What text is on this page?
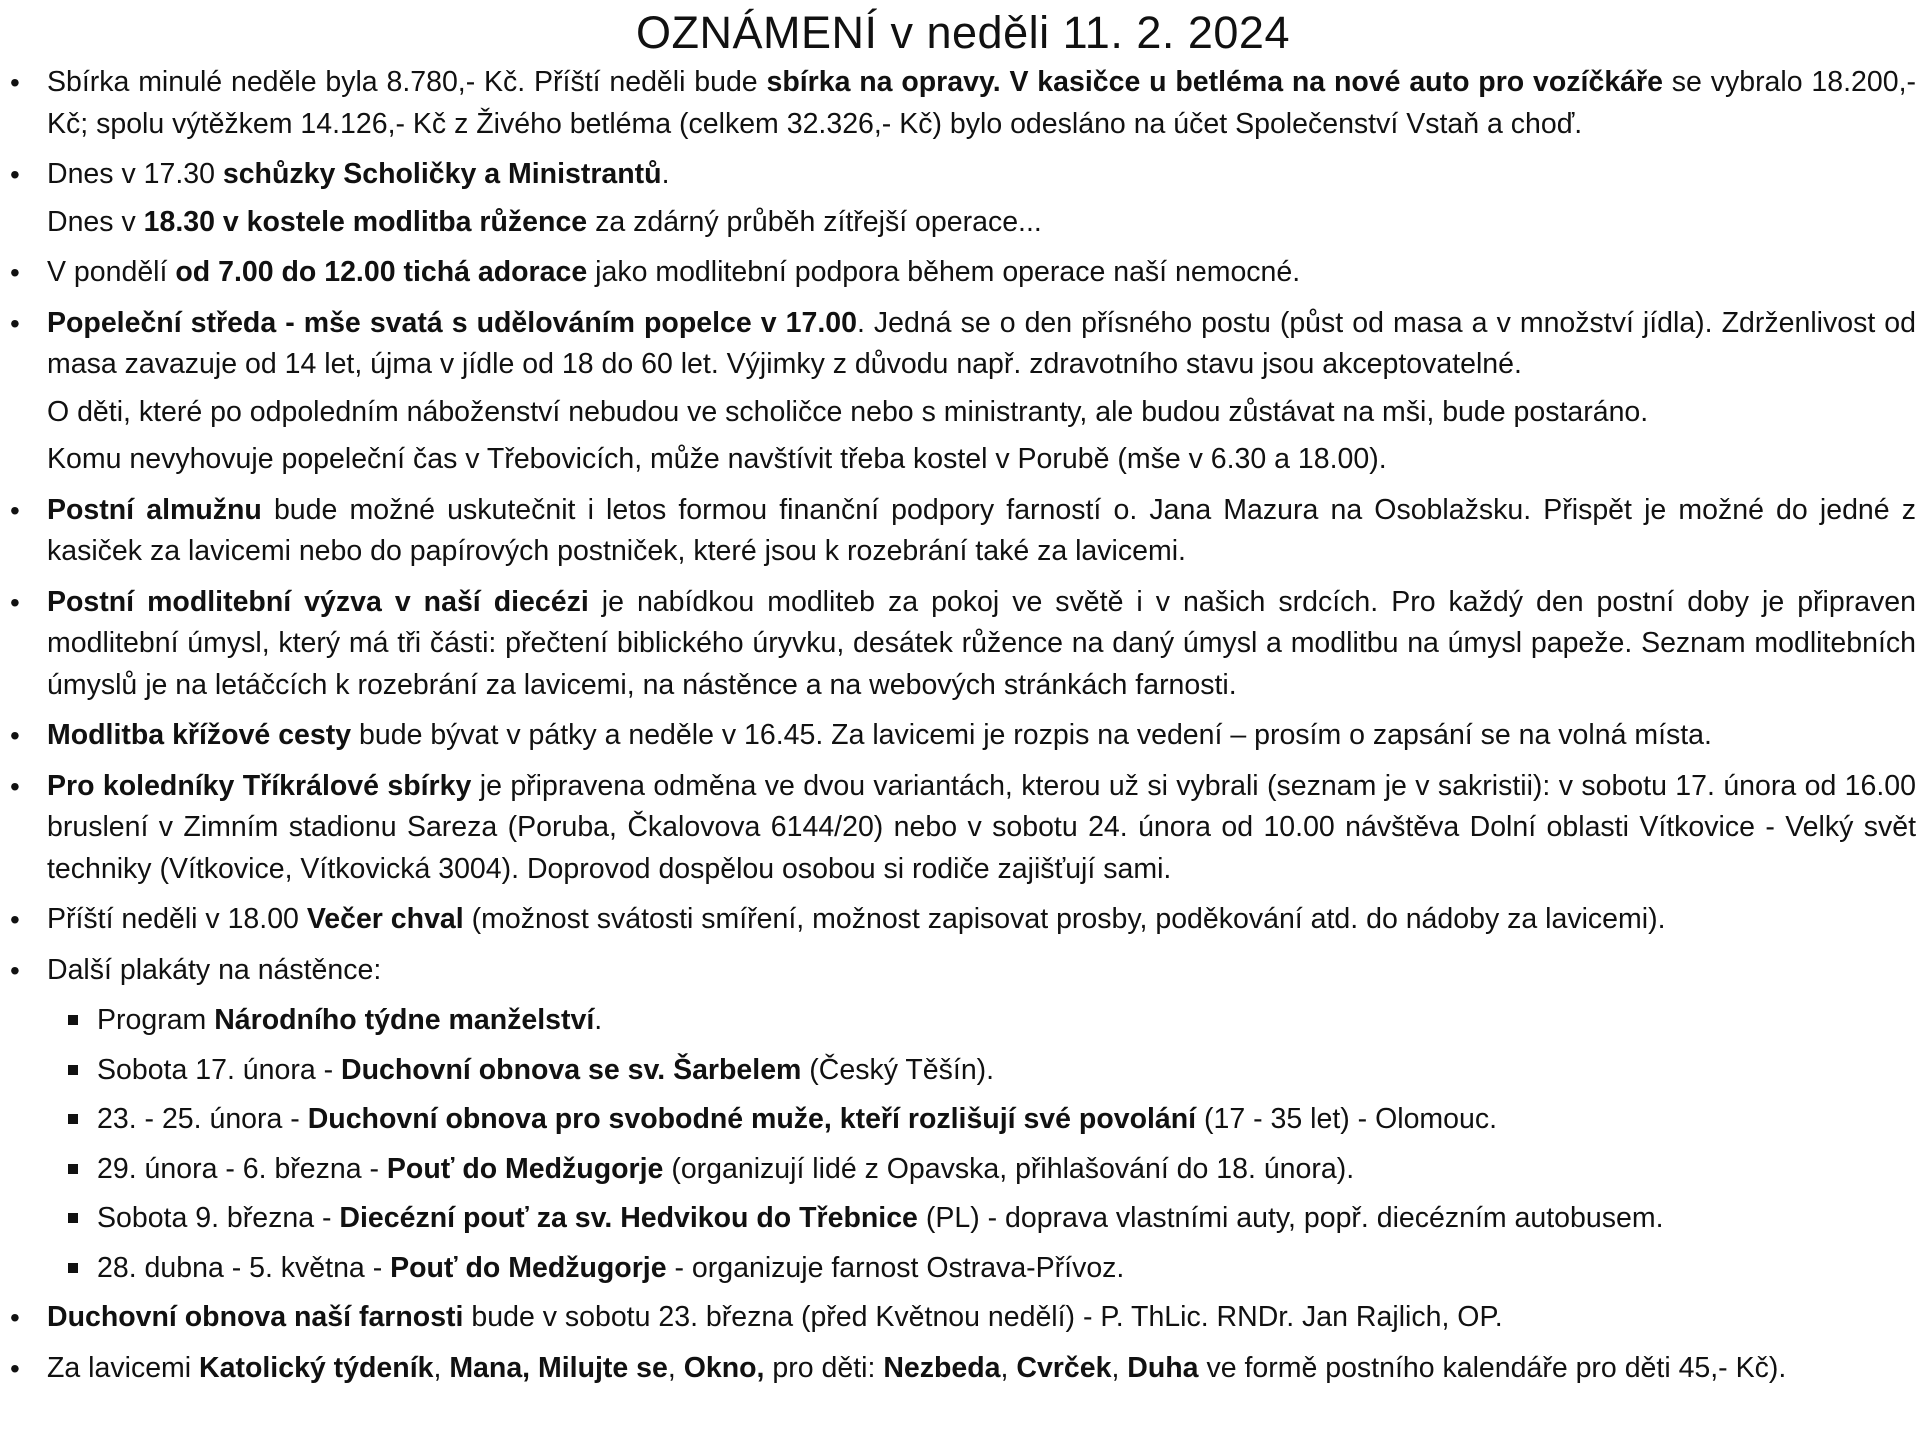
OZNÁMENÍ v neděli 11. 2. 2024
• Sbírka minulé neděle byla 8.780,- Kč. Příští neděli bude sbírka na opravy. V kasičce u betléma na nové auto pro vozíčkáře se vybralo 18.200,-Kč; spolu výtěžkem 14.126,- Kč z Živého betléma (celkem 32.326,- Kč) bylo odesláno na účet Společenství Vstaň a choď.
• Dnes v 17.30 schůzky Scholičky a Ministrantů.
Dnes v 18.30 v kostele modlitba růžence za zdárný průběh zítřejší operace...
• V pondělí od 7.00 do 12.00 tichá adorace jako modlitební podpora během operace naší nemocné.
• Popeleční středa - mše svatá s udělováním popelce v 17.00. Jedná se o den přísného postu (půst od masa a v množství jídla). Zdrženlivost od masa zavazuje od 14 let, újma v jídle od 18 do 60 let. Výjimky z důvodu např. zdravotního stavu jsou akceptovatelné.
O děti, které po odpoledním náboženství nebudou ve scholičce nebo s ministranty, ale budou zůstávat na mši, bude postaráno.
Komu nevyhovuje popeleční čas v Třebovicích, může navštívit třeba kostel v Porubě (mše v 6.30 a 18.00).
• Postní almužnu bude možné uskutečnit i letos formou finanční podpory farností o. Jana Mazura na Osoblažsku. Přispět je možné do jedné z kasiček za lavicemi nebo do papírových postniček, které jsou k rozebrání také za lavicemi.
• Postní modlitební výzva v naší diecézi je nabídkou modliteb za pokoj ve světě i v našich srdcích. Pro každý den postní doby je připraven modlitební úmysl, který má tři části: přečtení biblického úryvku, desátek růžence na daný úmysl a modlitbu na úmysl papeže. Seznam modlitebních úmyslů je na letáčcích k rozebrání za lavicemi, na nástěnce a na webových stránkách farnosti.
• Modlitba křížové cesty bude bývat v pátky a neděle v 16.45. Za lavicemi je rozpis na vedení – prosím o zapsání se na volná místa.
• Pro koledníky Tříkrálové sbírky je připravena odměna ve dvou variantách, kterou už si vybrali (seznam je v sakristii): v sobotu 17. února od 16.00 bruslení v Zimním stadionu Sareza (Poruba, Čkalovova 6144/20) nebo v sobotu 24. února od 10.00 návštěva Dolní oblasti Vítkovice - Velký svět techniky (Vítkovice, Vítkovická 3004). Doprovod dospělou osobou si rodiče zajišťují sami.
• Příští neděli v 18.00 Večer chval (možnost svátosti smíření, možnost zapisovat prosby, poděkování atd. do nádoby za lavicemi).
• Další plakáty na nástěnce:
Program Národního týdne manželství.
Sobota 17. února - Duchovní obnova se sv. Šarbelem (Český Těšín).
23. - 25. února - Duchovní obnova pro svobodné muže, kteří rozlišují své povolání (17 - 35 let) - Olomouc.
29. února - 6. března - Pouť do Medžugorje (organizují lidé z Opavska, přihlašování do 18. února).
Sobota 9. března - Diecézní pouť za sv. Hedvikou do Třebnice (PL) - doprava vlastními auty, popř. diecézním autobusem.
28. dubna - 5. května - Pouť do Medžugorje - organizuje farnost Ostrava-Přívoz.
• Duchovní obnova naší farnosti bude v sobotu 23. března (před Květnou nedělí) - P. ThLic. RNDr. Jan Rajlich, OP.
• Za lavicemi Katolický týdeník, Mana, Milujte se, Okno, pro děti: Nezbeda, Cvrček, Duha ve formě postního kalendáře pro děti 45,- Kč).
